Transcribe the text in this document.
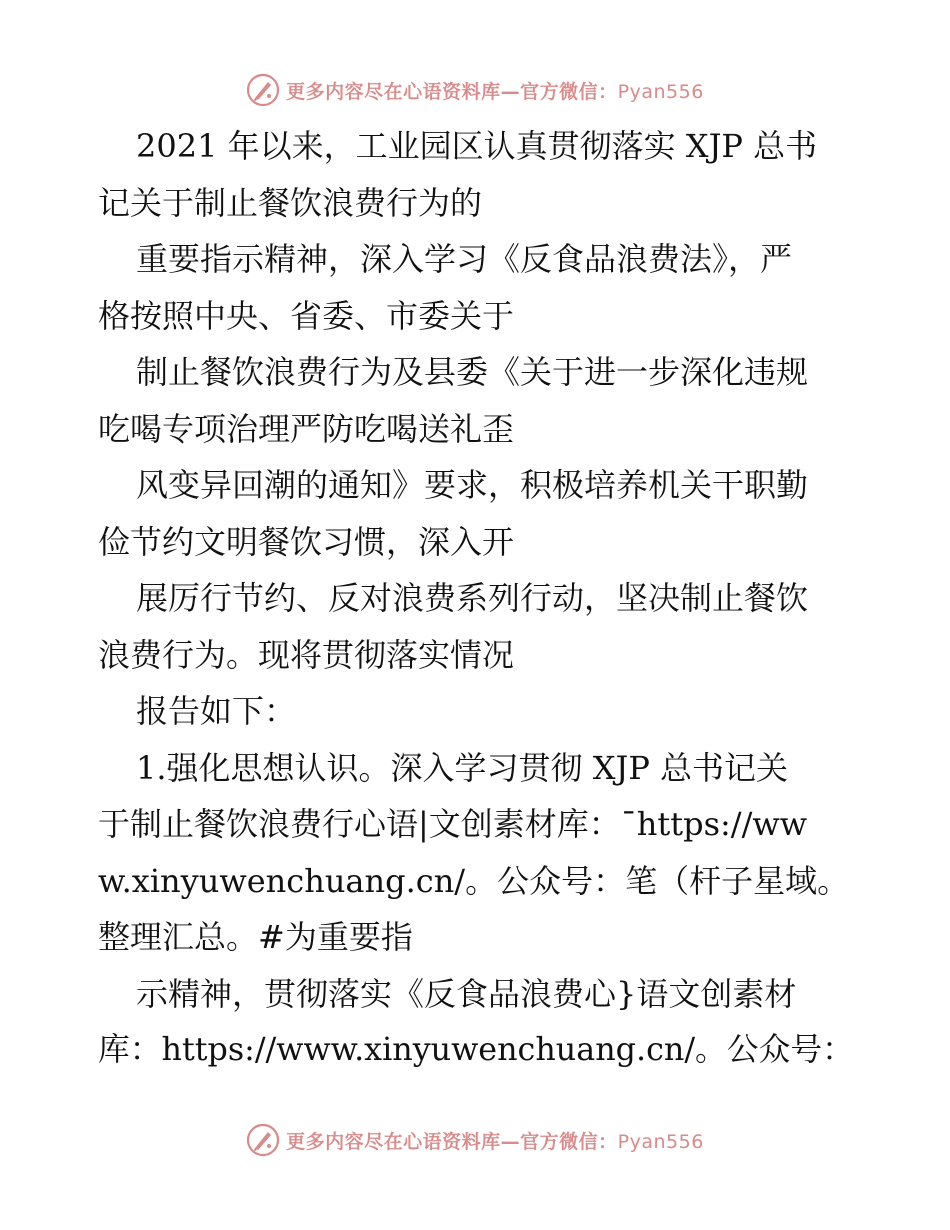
更多内容尽在心语资料库—官方微信：Pyan556
2021 年以来，工业园区认真贯彻落实 XJP 总书
记关于制止餐饮浪费行为的
重要指示精神，深入学习《反食品浪费法》，严
格按照中央、省委、市委关于
制止餐饮浪费行为及县委《关于进一步深化违规
吃喝专项治理严防吃喝送礼歪
风变异回潮的通知》要求，积极培养机关干职勤
俭节约文明餐饮习惯，深入开
展厉行节约、反对浪费系列行动，坚决制止餐饮
浪费行为。现将贯彻落实情况
报告如下：
1.强化思想认识。深入学习贯彻 XJP 总书记关
于制止餐饮浪费行心语|文创素材库：¯https://ww
w.xinyuwenchuang.cn/。公众号：笔（杆子星域。
整理汇总。#为重要指
示精神，贯彻落实《反食品浪费心}语文创素材
库：https://www.xinyuwenchuang.cn/。公众号：
更多内容尽在心语资料库—官方微信：Pyan556
